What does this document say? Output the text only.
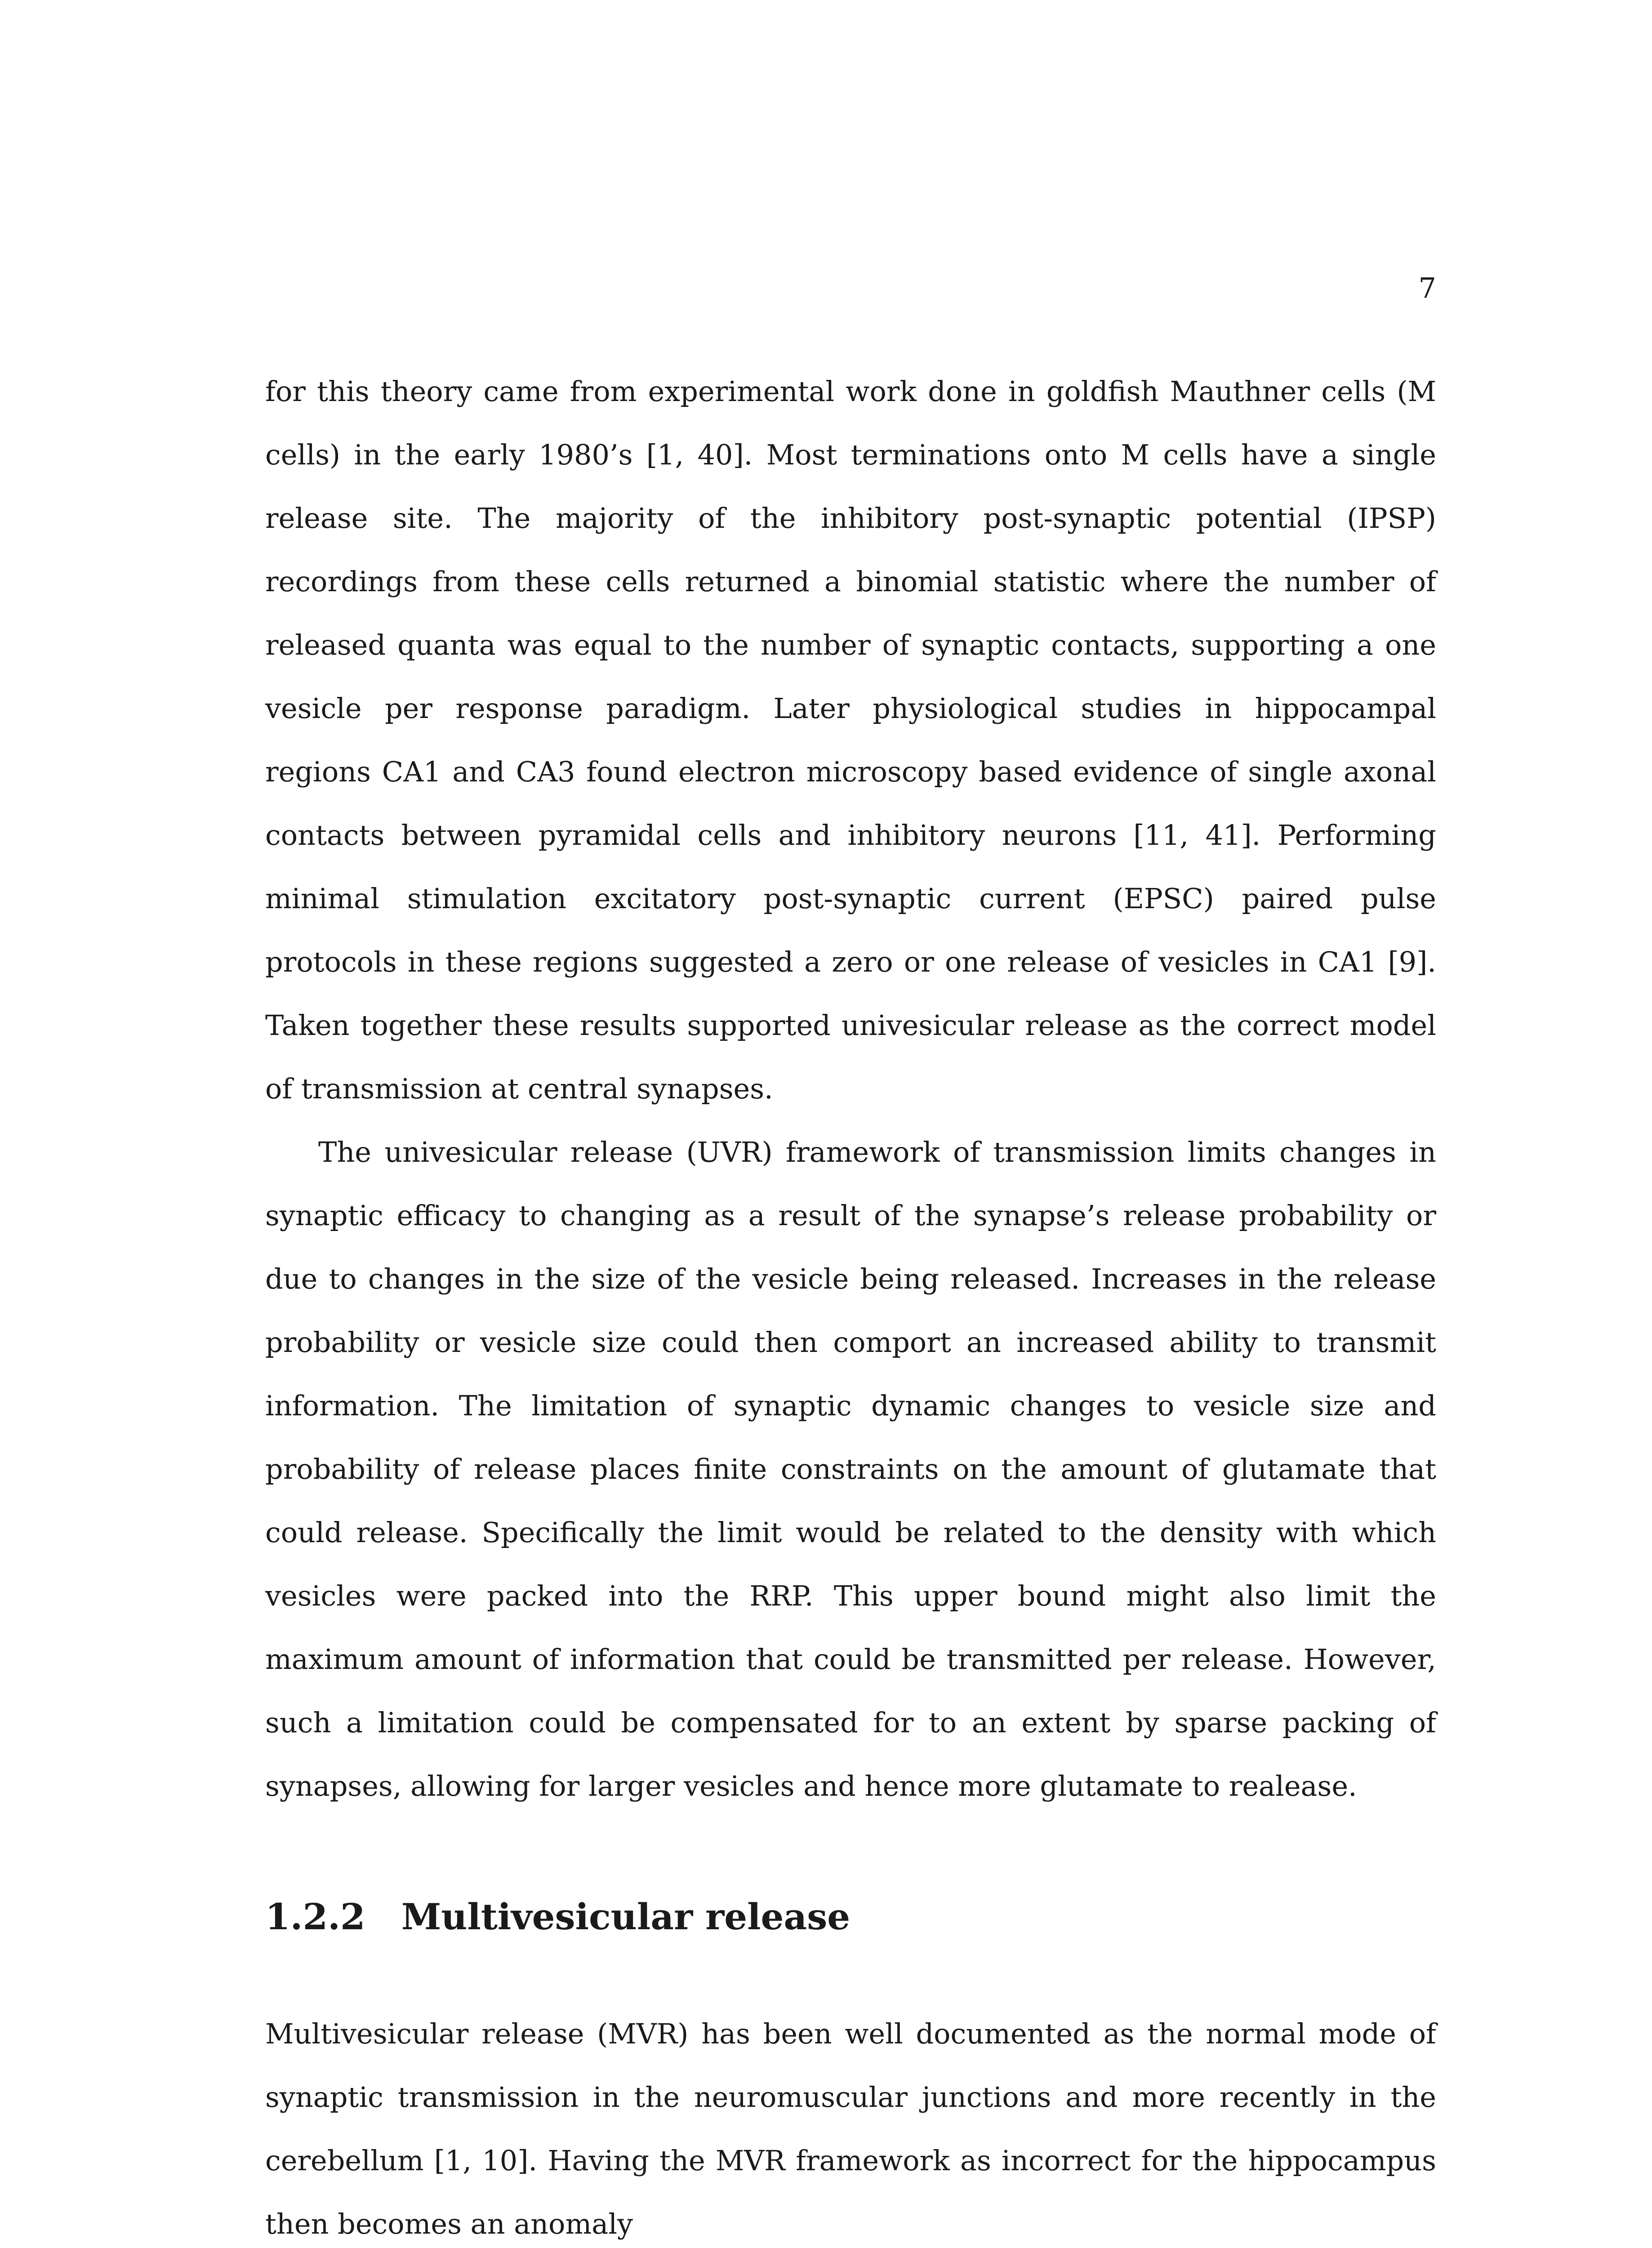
7

for this theory came from experimental work done in goldfish Mauthner cells (M cells) in the early 1980’s [1, 40]. Most terminations onto M cells have a single release site. The majority of the inhibitory post-synaptic potential (IPSP) recordings from these cells returned a binomial statistic where the number of released quanta was equal to the number of synaptic contacts, supporting a one vesicle per response paradigm. Later physiological studies in hippocampal regions CA1 and CA3 found electron microscopy based evidence of single axonal contacts between pyramidal cells and inhibitory neurons [11, 41]. Performing minimal stimulation excitatory post-synaptic current (EPSC) paired pulse protocols in these regions suggested a zero or one release of vesicles in CA1 [9]. Taken together these results supported univesicular release as the correct model of transmission at central synapses.

The univesicular release (UVR) framework of transmission limits changes in synaptic efficacy to changing as a result of the synapse’s release probability or due to changes in the size of the vesicle being released. Increases in the release probability or vesicle size could then comport an increased ability to transmit information. The limitation of synaptic dynamic changes to vesicle size and probability of release places finite constraints on the amount of glutamate that could release. Specifically the limit would be related to the density with which vesicles were packed into the RRP. This upper bound might also limit the maximum amount of information that could be transmitted per release. However, such a limitation could be compensated for to an extent by sparse packing of synapses, allowing for larger vesicles and hence more glutamate to realease.

1.2.2 Multivesicular release

Multivesicular release (MVR) has been well documented as the normal mode of synaptic transmission in the neuromuscular junctions and more recently in the cerebellum [1, 10]. Having the MVR framework as incorrect for the hippocampus then becomes an anomaly
